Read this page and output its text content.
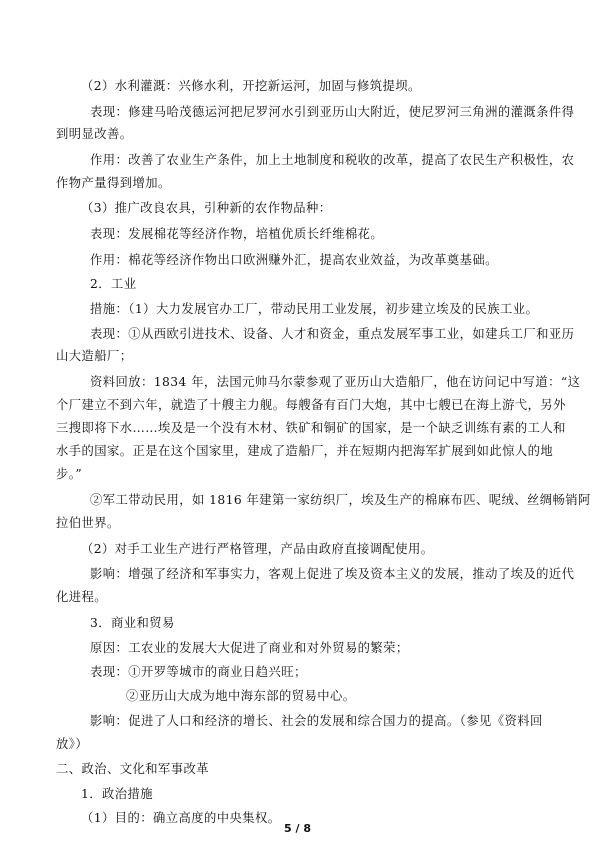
（2）水利灌溉：兴修水利，开挖新运河，加固与修筑提坝。
表现：修建马哈茂德运河把尼罗河水引到亚历山大附近，使尼罗河三角洲的灌溉条件得
到明显改善。
作用：改善了农业生产条件，加上土地制度和税收的改革，提高了农民生产积极性，农
作物产量得到增加。
（3）推广改良农具，引种新的农作物品种：
表现：发展棉花等经济作物，培植优质长纤维棉花。
作用：棉花等经济作物出口欧洲赚外汇，提高农业效益，为改革奠基础。
2．工业
措施：（1）大力发展官办工厂，带动民用工业发展，初步建立埃及的民族工业。
表现：①从西欧引进技术、设备、人才和资金，重点发展军事工业，如建兵工厂和亚历
山大造船厂；
资料回放：1834 年，法国元帅马尔蒙参观了亚历山大造船厂，他在访问记中写道：“这
个厂建立不到六年，就造了十艘主力舰。每艘备有百门大炮，其中七艘已在海上游弋，另外
三搜即将下水……埃及是一个没有木材、铁矿和铜矿的国家，是一个缺乏训练有素的工人和
水手的国家。正是在这个国家里，建成了造船厂，并在短期内把海军扩展到如此惊人的地
步。”
②军工带动民用，如 1816 年建第一家纺织厂，埃及生产的棉麻布匹、呢绒、丝绸畅销阿
拉伯世界。
（2）对手工业生产进行严格管理，产品由政府直接调配使用。
影响：增强了经济和军事实力，客观上促进了埃及资本主义的发展，推动了埃及的近代
化进程。
3．商业和贸易
原因：工农业的发展大大促进了商业和对外贸易的繁荣；
表现：①开罗等城市的商业日趋兴旺；
②亚历山大成为地中海东部的贸易中心。
影响：促进了人口和经济的增长、社会的发展和综合国力的提高。（参见《资料回
放》）
二、政治、文化和军事改革
1．政治措施
（1）目的：确立高度的中央集权。
5 / 8
